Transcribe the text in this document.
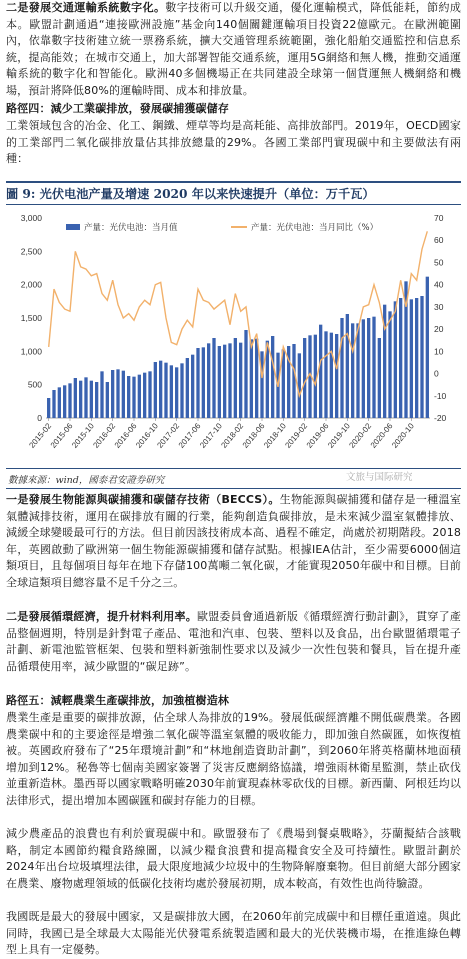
二是發展交通運輸系統數字化。數字技術可以升級交通，優化運輸模式，降低能耗，節約成本。歐盟計劃通過“連接歐洲設施”基金向140個關鍵運輸項目投資22億歐元。在歐洲範圍內，依靠數字技術建立統一票務系統，擴大交通管理系統範圍，強化船舶交通監控和信息系統，提高能效；在城市交通上，加大部署智能交通系統，運用5G網絡和無人機，推動交通運輸系統的數字化和智能化。歐洲40多個機場正在共同建設全球第一個貨運無人機網絡和機場，預計將降低80%的運輸時間、成本和排放量。

路徑四：減少工業碳排放，發展碳捕獲碳儲存

工業領域包含的冶金、化工、鋼鐵、煙草等均是高耗能、高排放部門。2019年，OECD國家的工業部門二氧化碳排放量佔其排放總量的29%。各國工業部門實現碳中和主要做法有兩種：

圖 9: 光伏电池产量及增速 2020 年以来快速提升（单位：万千瓦）
0
500
1,000
1,500
2,000
2,500
3,000
-20
-10
0
10
20
30
40
50
60
70
2015-02
2015-06
2015-10
2016-02
2016-06
2016-10
2017-02
2017-06
2017-10
2018-02
2018-06
2018-10
2019-02
2019-06
2019-10
2020-02
2020-06
2020-10
产量：光伏电池：当月值	产量：光伏电池：当月同比（%）
數據來源：wind，國泰君安證券研究	文旅与国际研究

一是發展生物能源與碳捕獲和碳儲存技術（BECCS）。生物能源與碳捕獲和儲存是一種溫室氣體減排技術，運用在碳排放有關的行業，能夠創造負碳排放，是未來減少溫室氣體排放、減緩全球變暖最可行的方法。但目前因該技術成本高、過程不確定，尚處於初期階段。2018年，英國啟動了歐洲第一個生物能源碳捕獲和儲存試點。根據IEA估計，至少需要6000個這類項目，且每個項目每年在地下存儲100萬噸二氧化碳，才能實現2050年碳中和目標。目前全球這類項目總容量不足千分之三。

二是發展循環經濟，提升材料利用率。歐盟委員會通過新版《循環經濟行動計劃》，貫穿了產品整個週期，特別是針對電子產品、電池和汽車、包裝、塑料以及食品，出台歐盟循環電子計劃、新電池監管框架、包裝和塑料新強制性要求以及減少一次性包裝和餐具，旨在提升產品循環使用率，減少歐盟的“碳足跡”。

路徑五：減輕農業生產碳排放，加強植樹造林

農業生產是重要的碳排放源，佔全球人為排放的19%。發展低碳經濟離不開低碳農業。各國農業碳中和的主要途徑是增強二氧化碳等溫室氣體的吸收能力，即加強自然碳匯，如恢復植被。英國政府發布了“25年環境計劃”和“林地創造資助計劃”，到2060年將英格蘭林地面積增加到12%。秘魯等七個南美國家簽署了災害反應網絡協議，增強雨林衛星監測，禁止砍伐並重新造林。墨西哥以國家戰略明確2030年前實現森林零砍伐的目標。新西蘭、阿根廷均以法律形式，提出增加本國碳匯和碳封存能力的目標。

減少農產品的浪費也有利於實現碳中和。歐盟發布了《農場到餐桌戰略》，芬蘭擬結合該戰略，制定本國節約糧食路線圖，以減少糧食浪費和提高糧食安全及可持續性。歐盟計劃於2024年出台垃圾填埋法律，最大限度地減少垃圾中的生物降解廢棄物。但目前絕大部分國家在農業、廢物處理領域的低碳化技術均處於發展初期，成本較高，有效性也尚待驗證。

我國既是最大的發展中國家，又是碳排放大國，在2060年前完成碳中和目標任重道遠。與此同時，我國已是全球最大太陽能光伏發電系統製造國和最大的光伏裝機市場，在推進綠色轉型上具有一定優勢。
